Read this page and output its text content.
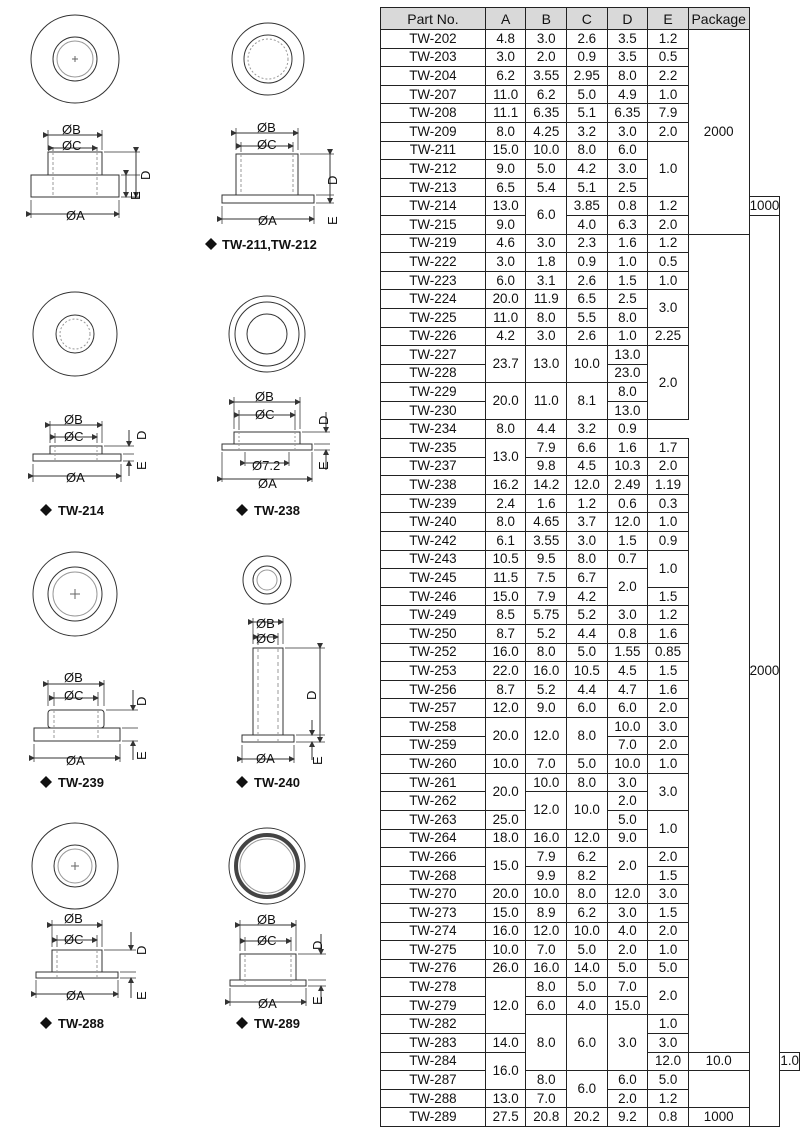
ØB
ØC
ØA
D
E
ØB
ØC
ØA
D
E
ØB
ØC
ØA
D
E
ØB
ØC
Ø7.2
ØA
D
E
ØB
ØC
ØA
D
E
ØB
ØC
ØA
D
E
ØB
ØC
ØA
D
E
ØB
ØC
ØA
D
E
TW-211,TW-212
TW-214	TW-238
TW-239	TW-240
TW-288	TW-289
Part No.	A	B	C	D	E	Package		
TW-202	4.8	3.0	2.6	3.5	1.2	2000		
TW-203	3.0	2.0	0.9	3.5	0.5			
TW-204	6.2	3.55	2.95	8.0	2.2			
TW-207	11.0	6.2	5.0	4.9	1.0			
TW-208	11.1	6.35	5.1	6.35	7.9			
TW-209	8.0	4.25	3.2	3.0	2.0			
TW-211	15.0	10.0	8.0	6.0	1.0			
TW-212	9.0	5.0	4.2	3.0				
TW-213	6.5	5.4	5.1	2.5				
TW-214	13.0	6.0	3.85	0.8	1.2		1000	
TW-215	9.0		4.0	6.3	2.0		2000	
TW-219	4.6	3.0	2.3	1.6	1.2			
TW-222	3.0	1.8	0.9	1.0	0.5			
TW-223	6.0	3.1	2.6	1.5	1.0			
TW-224	20.0	11.9	6.5	2.5	3.0			
TW-225	11.0	8.0	5.5	8.0				
TW-226	4.2	3.0	2.6	1.0	2.25			
TW-227	23.7	13.0	10.0	13.0	2.0			
TW-228				23.0				
TW-229	20.0	11.0	8.1	8.0				
TW-230				13.0				
TW-234	8.0	4.4	3.2	0.9				
TW-235	13.0	7.9	6.6	1.6	1.7			
TW-237		9.8	4.5	10.3	2.0			
TW-238	16.2	14.2	12.0	2.49	1.19			
TW-239	2.4	1.6	1.2	0.6	0.3			
TW-240	8.0	4.65	3.7	12.0	1.0			
TW-242	6.1	3.55	3.0	1.5	0.9			
TW-243	10.5	9.5	8.0	0.7	1.0			
TW-245	11.5	7.5	6.7	2.0				
TW-246	15.0	7.9	4.2		1.5			
TW-249	8.5	5.75	5.2	3.0	1.2			
TW-250	8.7	5.2	4.4	0.8	1.6			
TW-252	16.0	8.0	5.0	1.55	0.85			
TW-253	22.0	16.0	10.5	4.5	1.5			
TW-256	8.7	5.2	4.4	4.7	1.6			
TW-257	12.0	9.0	6.0	6.0	2.0			
TW-258	20.0	12.0	8.0	10.0	3.0			
TW-259				7.0	2.0			
TW-260	10.0	7.0	5.0	10.0	1.0			
TW-261	20.0	10.0	8.0	3.0	3.0			
TW-262		12.0	10.0	2.0				
TW-263	25.0			5.0	1.0			
TW-264	18.0	16.0	12.0	9.0				
TW-266	15.0	7.9	6.2	2.0	2.0			
TW-268		9.9	8.2		1.5			
TW-270	20.0	10.0	8.0	12.0	3.0			
TW-273	15.0	8.9	6.2	3.0	1.5			
TW-274	16.0	12.0	10.0	4.0	2.0			
TW-275	10.0	7.0	5.0	2.0	1.0			
TW-276	26.0	16.0	14.0	5.0	5.0			
TW-278	12.0	8.0	5.0	7.0	2.0			
TW-279		6.0	4.0	15.0				
TW-282		8.0	6.0	3.0	1.0			
TW-283	14.0				3.0			
TW-284	16.0				12.0	10.0		1.0
TW-287		8.0	6.0	6.0	5.0			
TW-288	13.0	7.0		2.0	1.2			
TW-289	27.5	20.8	20.2	9.2	0.8	1000		
